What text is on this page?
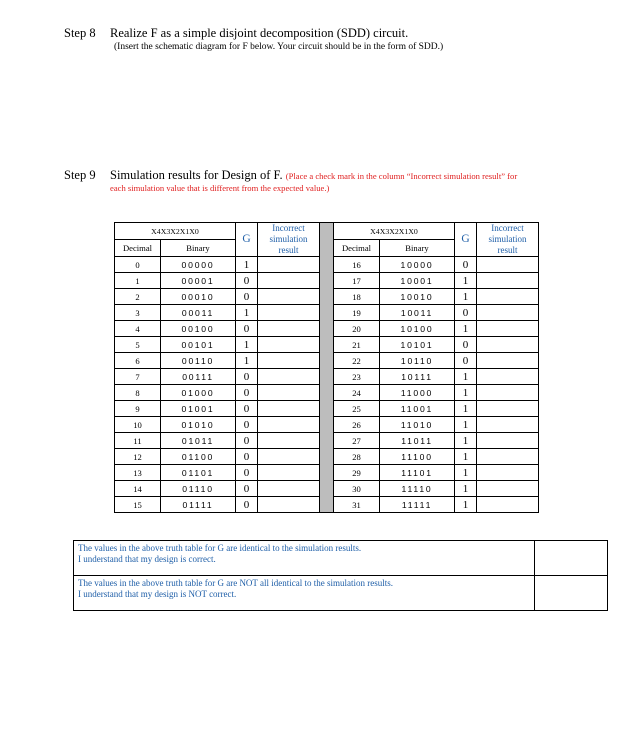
Step 8 Realize F as a simple disjoint decomposition (SDD) circuit.
(Insert the schematic diagram for F below. Your circuit should be in the form of SDD.)
Step 9 Simulation results for Design of F. (Place a check mark in the column “Incorrect simulation result” for
each simulation value that is different from the expected value.)
X4X3X2X1X0		G	Incorrect
simulation
result		X4X3X2X1X0		G	Incorrect
simulation
result
Decimal	Binary				Decimal	Binary		
0	00000	1			16	10000	0	
1	00001	0			17	10001	1	
2	00010	0			18	10010	1	
3	00011	1			19	10011	0	
4	00100	0			20	10100	1	
5	00101	1			21	10101	0	
6	00110	1			22	10110	0	
7	00111	0			23	10111	1	
8	01000	0			24	11000	1	
9	01001	0			25	11001	1	
10	01010	0			26	11010	1	
11	01011	0			27	11011	1	
12	01100	0			28	11100	1	
13	01101	0			29	11101	1	
14	01110	0			30	11110	1	
15	01111	0			31	11111	1	
The values in the above truth table for G are identical to the simulation results.
I understand that my design is correct.	

The values in the above truth table for G are NOT all identical to the simulation results.
I understand that my design is NOT correct.	
